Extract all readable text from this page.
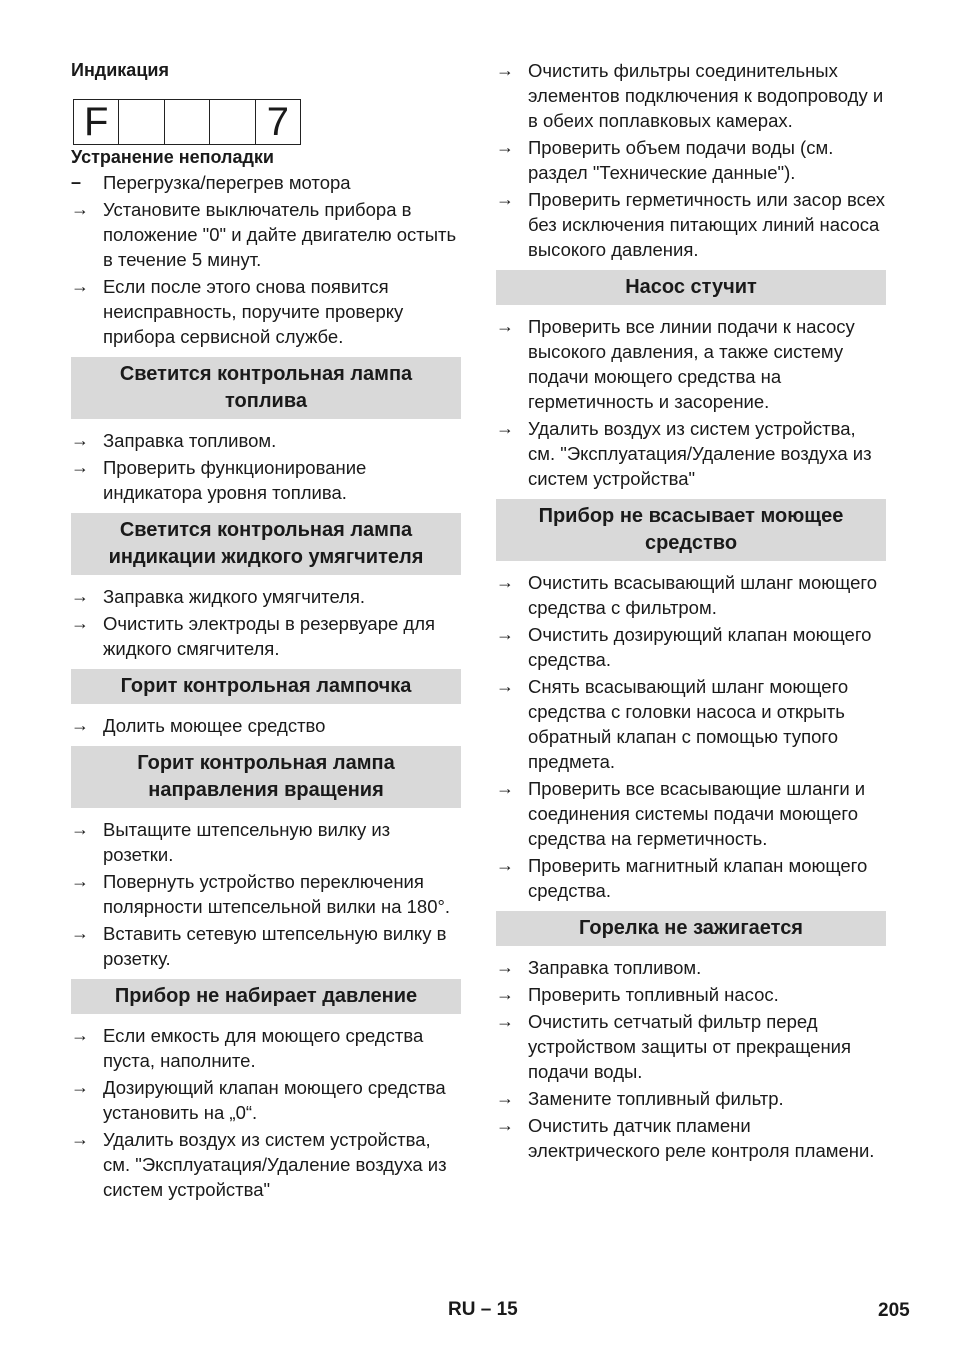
Индикация
F	7
Устранение неполадки
–	Перегрузка/перегрев мотора
→ Установите выключатель прибора в положение "0" и дайте двигателю остыть в течение 5 минут.
→ Если после этого снова появится неисправность, поручите проверку прибора сервисной службе.
Светится контрольная лампа топлива
→ Заправка топливом.
→ Проверить функционирование индикатора уровня топлива.
Светится контрольная лампа индикации жидкого умягчителя
→ Заправка жидкого умягчителя.
→ Очистить электроды в резервуаре для жидкого смягчителя.
Горит контрольная лампочка
→ Долить моющее средство
Горит контрольная лампа направления вращения
→ Вытащите штепсельную вилку из розетки.
→ Повернуть устройство переключения полярности штепсельной вилки на 180°.
→ Вставить сетевую штепсельную вилку в розетку.
Прибор не набирает давление
→ Если емкость для моющего средства пуста, наполните.
→ Дозирующий клапан моющего средства установить на „0“.
→ Удалить воздух из систем устройства, см. "Эксплуатация/Удаление воздуха из систем устройства"
→ Очистить фильтры соединительных элементов подключения к водопроводу и в обеих поплавковых камерах.
→ Проверить объем подачи воды (см. раздел "Технические данные").
→ Проверить герметичность или засор всех без исключения питающих линий насоса высокого давления.
Насос стучит
→ Проверить все линии подачи к насосу высокого давления, а также систему подачи моющего средства на герметичность и засорение.
→ Удалить воздух из систем устройства, см. "Эксплуатация/Удаление воздуха из систем устройства"
Прибор не всасывает моющее средство
→ Очистить всасывающий шланг моющего средства с фильтром.
→ Очистить дозирующий клапан моющего средства.
→ Снять всасывающий шланг моющего средства с головки насоса и открыть обратный клапан с помощью тупого предмета.
→ Проверить все всасывающие шланги и соединения системы подачи моющего средства на герметичность.
→ Проверить магнитный клапан моющего средства.
Горелка не зажигается
→ Заправка топливом.
→ Проверить топливный насос.
→ Очистить сетчатый фильтр перед устройством защиты от прекращения подачи воды.
→ Замените топливный фильтр.
→ Очистить датчик пламени электрического реле контроля пламени.
RU – 15	205
